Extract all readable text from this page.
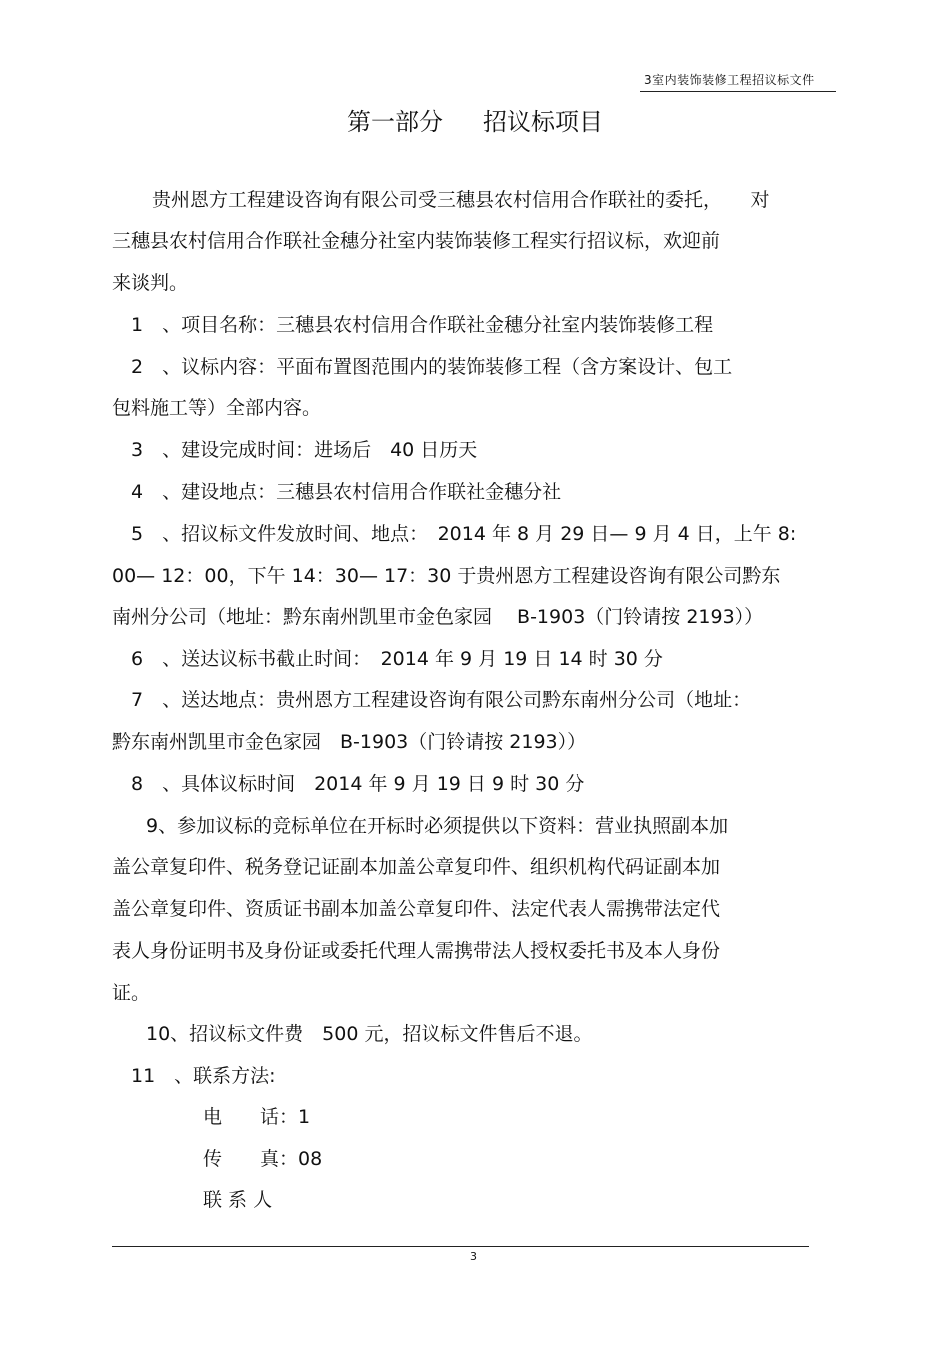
3室内装饰装修工程招议标文件
第一部分 招议标项目
贵州恩方工程建设咨询有限公司受三穗县农村信用合作联社的委托，　　对
三穗县农村信用合作联社金穗分社室内装饰装修工程实行招议标，欢迎前
来谈判。
1　、项目名称：三穗县农村信用合作联社金穗分社室内装饰装修工程
2　、议标内容：平面布置图范围内的装饰装修工程（含方案设计、包工
包料施工等）全部内容。
3　、建设完成时间：进场后　40 日历天
4　、建设地点：三穗县农村信用合作联社金穗分社
5　、招议标文件发放时间、地点：　2014 年 8 月 29 日— 9 月 4 日，上午 8:
00— 12：00，下午 14：30— 17：30 于贵州恩方工程建设咨询有限公司黔东
南州分公司（地址：黔东南州凯里市金色家园　 B-1903（门铃请按 2193））
6　、送达议标书截止时间：　2014 年 9 月 19 日 14 时 30 分
7　、送达地点：贵州恩方工程建设咨询有限公司黔东南州分公司（地址：
黔东南州凯里市金色家园　B-1903（门铃请按 2193））
8　、具体议标时间　2014 年 9 月 19 日 9 时 30 分
9、参加议标的竞标单位在开标时必须提供以下资料：营业执照副本加
盖公章复印件、税务登记证副本加盖公章复印件、组织机构代码证副本加
盖公章复印件、资质证书副本加盖公章复印件、法定代表人需携带法定代
表人身份证明书及身份证或委托代理人需携带法人授权委托书及本人身份
证。
10、招议标文件费　500 元，招议标文件售后不退。
11　、联系方法:
电　　话：1
传　　真：08
联 系 人
3
